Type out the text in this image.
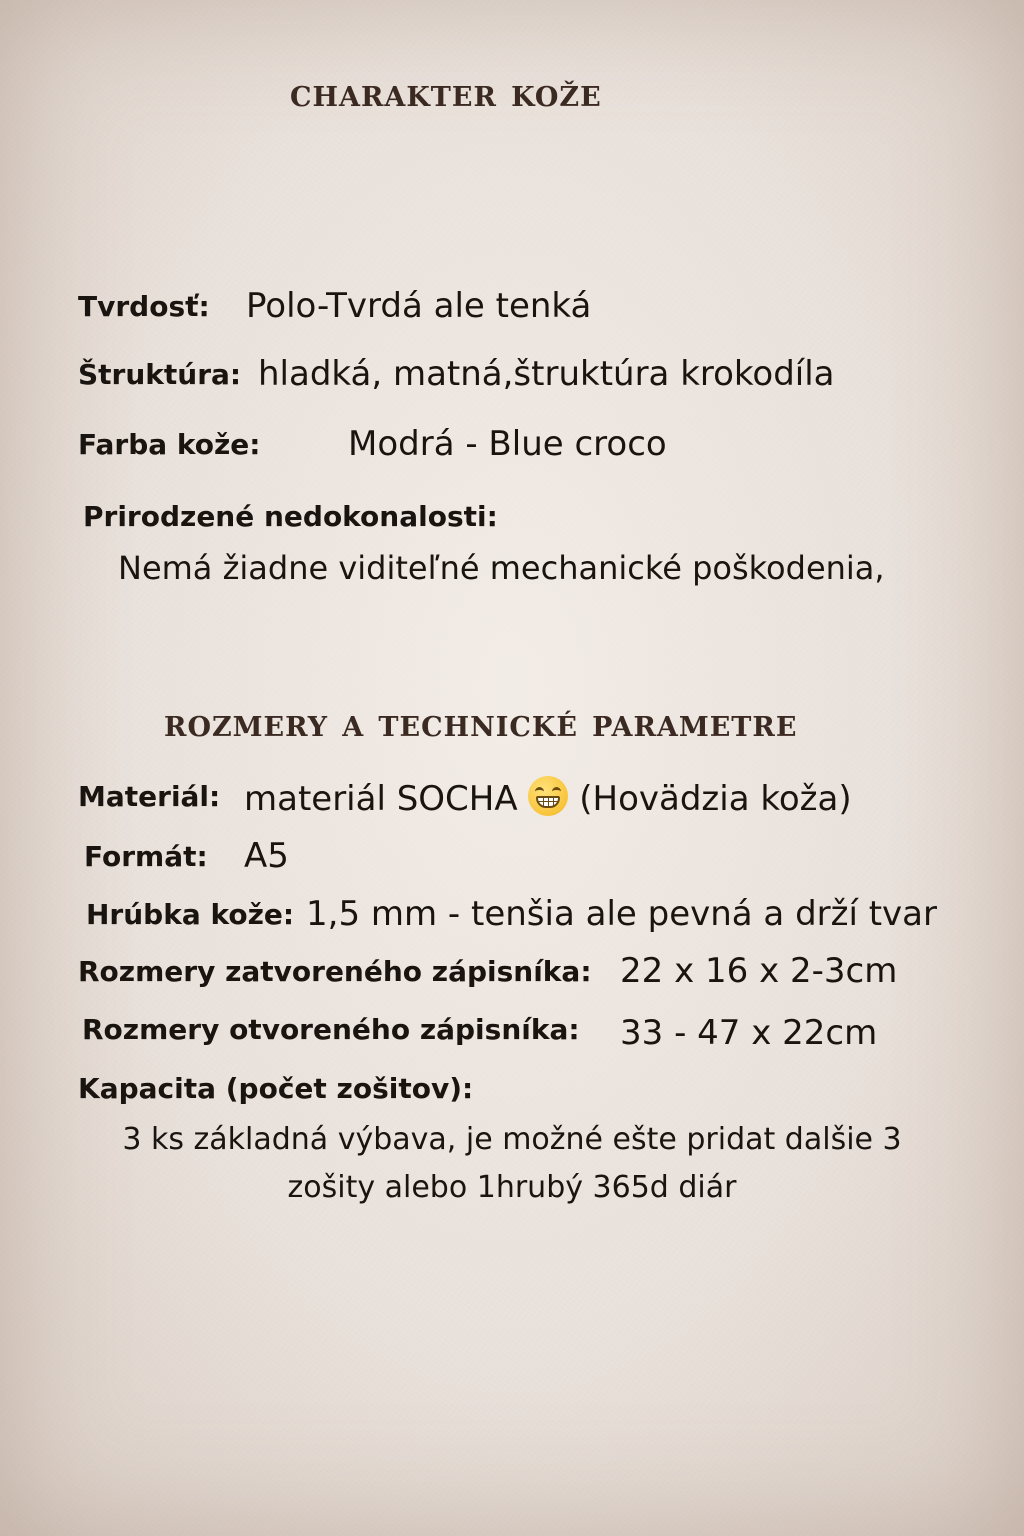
charakter kože
Tvrdosť: Polo-Tvrdá ale tenká
Štruktúra: hladká, matná,štruktúra krokodíla
Farba kože:	Modrá - Blue croco
Prirodzené nedokonalosti:
Nemá žiadne viditeľné mechanické poškodenia,
rozmery a technické parametre
Materiál: materiál SOCHA (Hovädzia koža)
Formát: A5
Hrúbka kože: 1,5 mm - tenšia ale pevná a drží tvar
Rozmery zatvoreného zápisníka: 22 x 16 x 2-3cm
Rozmery otvoreného zápisníka: 33 - 47 x 22cm
Kapacita (počet zošitov):
3 ks základná výbava, je možné ešte pridat dalšie 3
zošity alebo 1hrubý 365d diár
